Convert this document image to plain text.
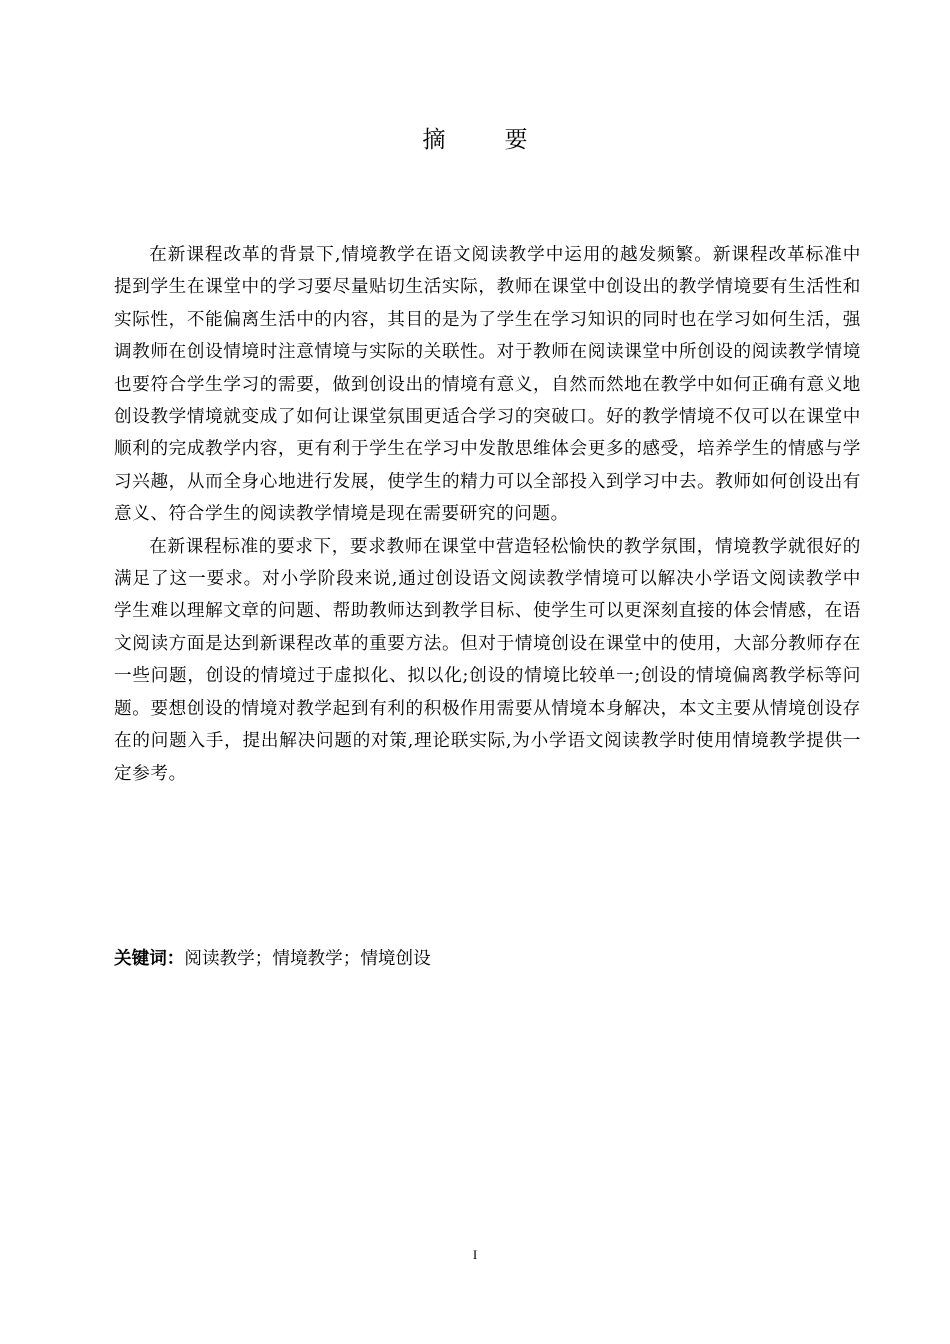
摘　要

在新课程改革的背景下,情境教学在语文阅读教学中运用的越发频繁。新课程改革标准中提到学生在课堂中的学习要尽量贴切生活实际，教师在课堂中创设出的教学情境要有生活性和实际性，不能偏离生活中的内容，其目的是为了学生在学习知识的同时也在学习如何生活，强调教师在创设情境时注意情境与实际的关联性。对于教师在阅读课堂中所创设的阅读教学情境也要符合学生学习的需要，做到创设出的情境有意义，自然而然地在教学中如何正确有意义地创设教学情境就变成了如何让课堂氛围更适合学习的突破口。好的教学情境不仅可以在课堂中顺利的完成教学内容，更有利于学生在学习中发散思维体会更多的感受，培养学生的情感与学习兴趣，从而全身心地进行发展，使学生的精力可以全部投入到学习中去。教师如何创设出有意义、符合学生的阅读教学情境是现在需要研究的问题。

在新课程标准的要求下，要求教师在课堂中营造轻松愉快的教学氛围，情境教学就很好的满足了这一要求。对小学阶段来说,通过创设语文阅读教学情境可以解决小学语文阅读教学中学生难以理解文章的问题、帮助教师达到教学目标、使学生可以更深刻直接的体会情感，在语文阅读方面是达到新课程改革的重要方法。但对于情境创设在课堂中的使用，大部分教师存在一些问题，创设的情境过于虚拟化、拟以化;创设的情境比较单一;创设的情境偏离教学标等问题。要想创设的情境对教学起到有利的积极作用需要从情境本身解决，本文主要从情境创设存在的问题入手，提出解决问题的对策,理论联实际,为小学语文阅读教学时使用情境教学提供一定参考。

关键词：阅读教学；情境教学；情境创设
I
